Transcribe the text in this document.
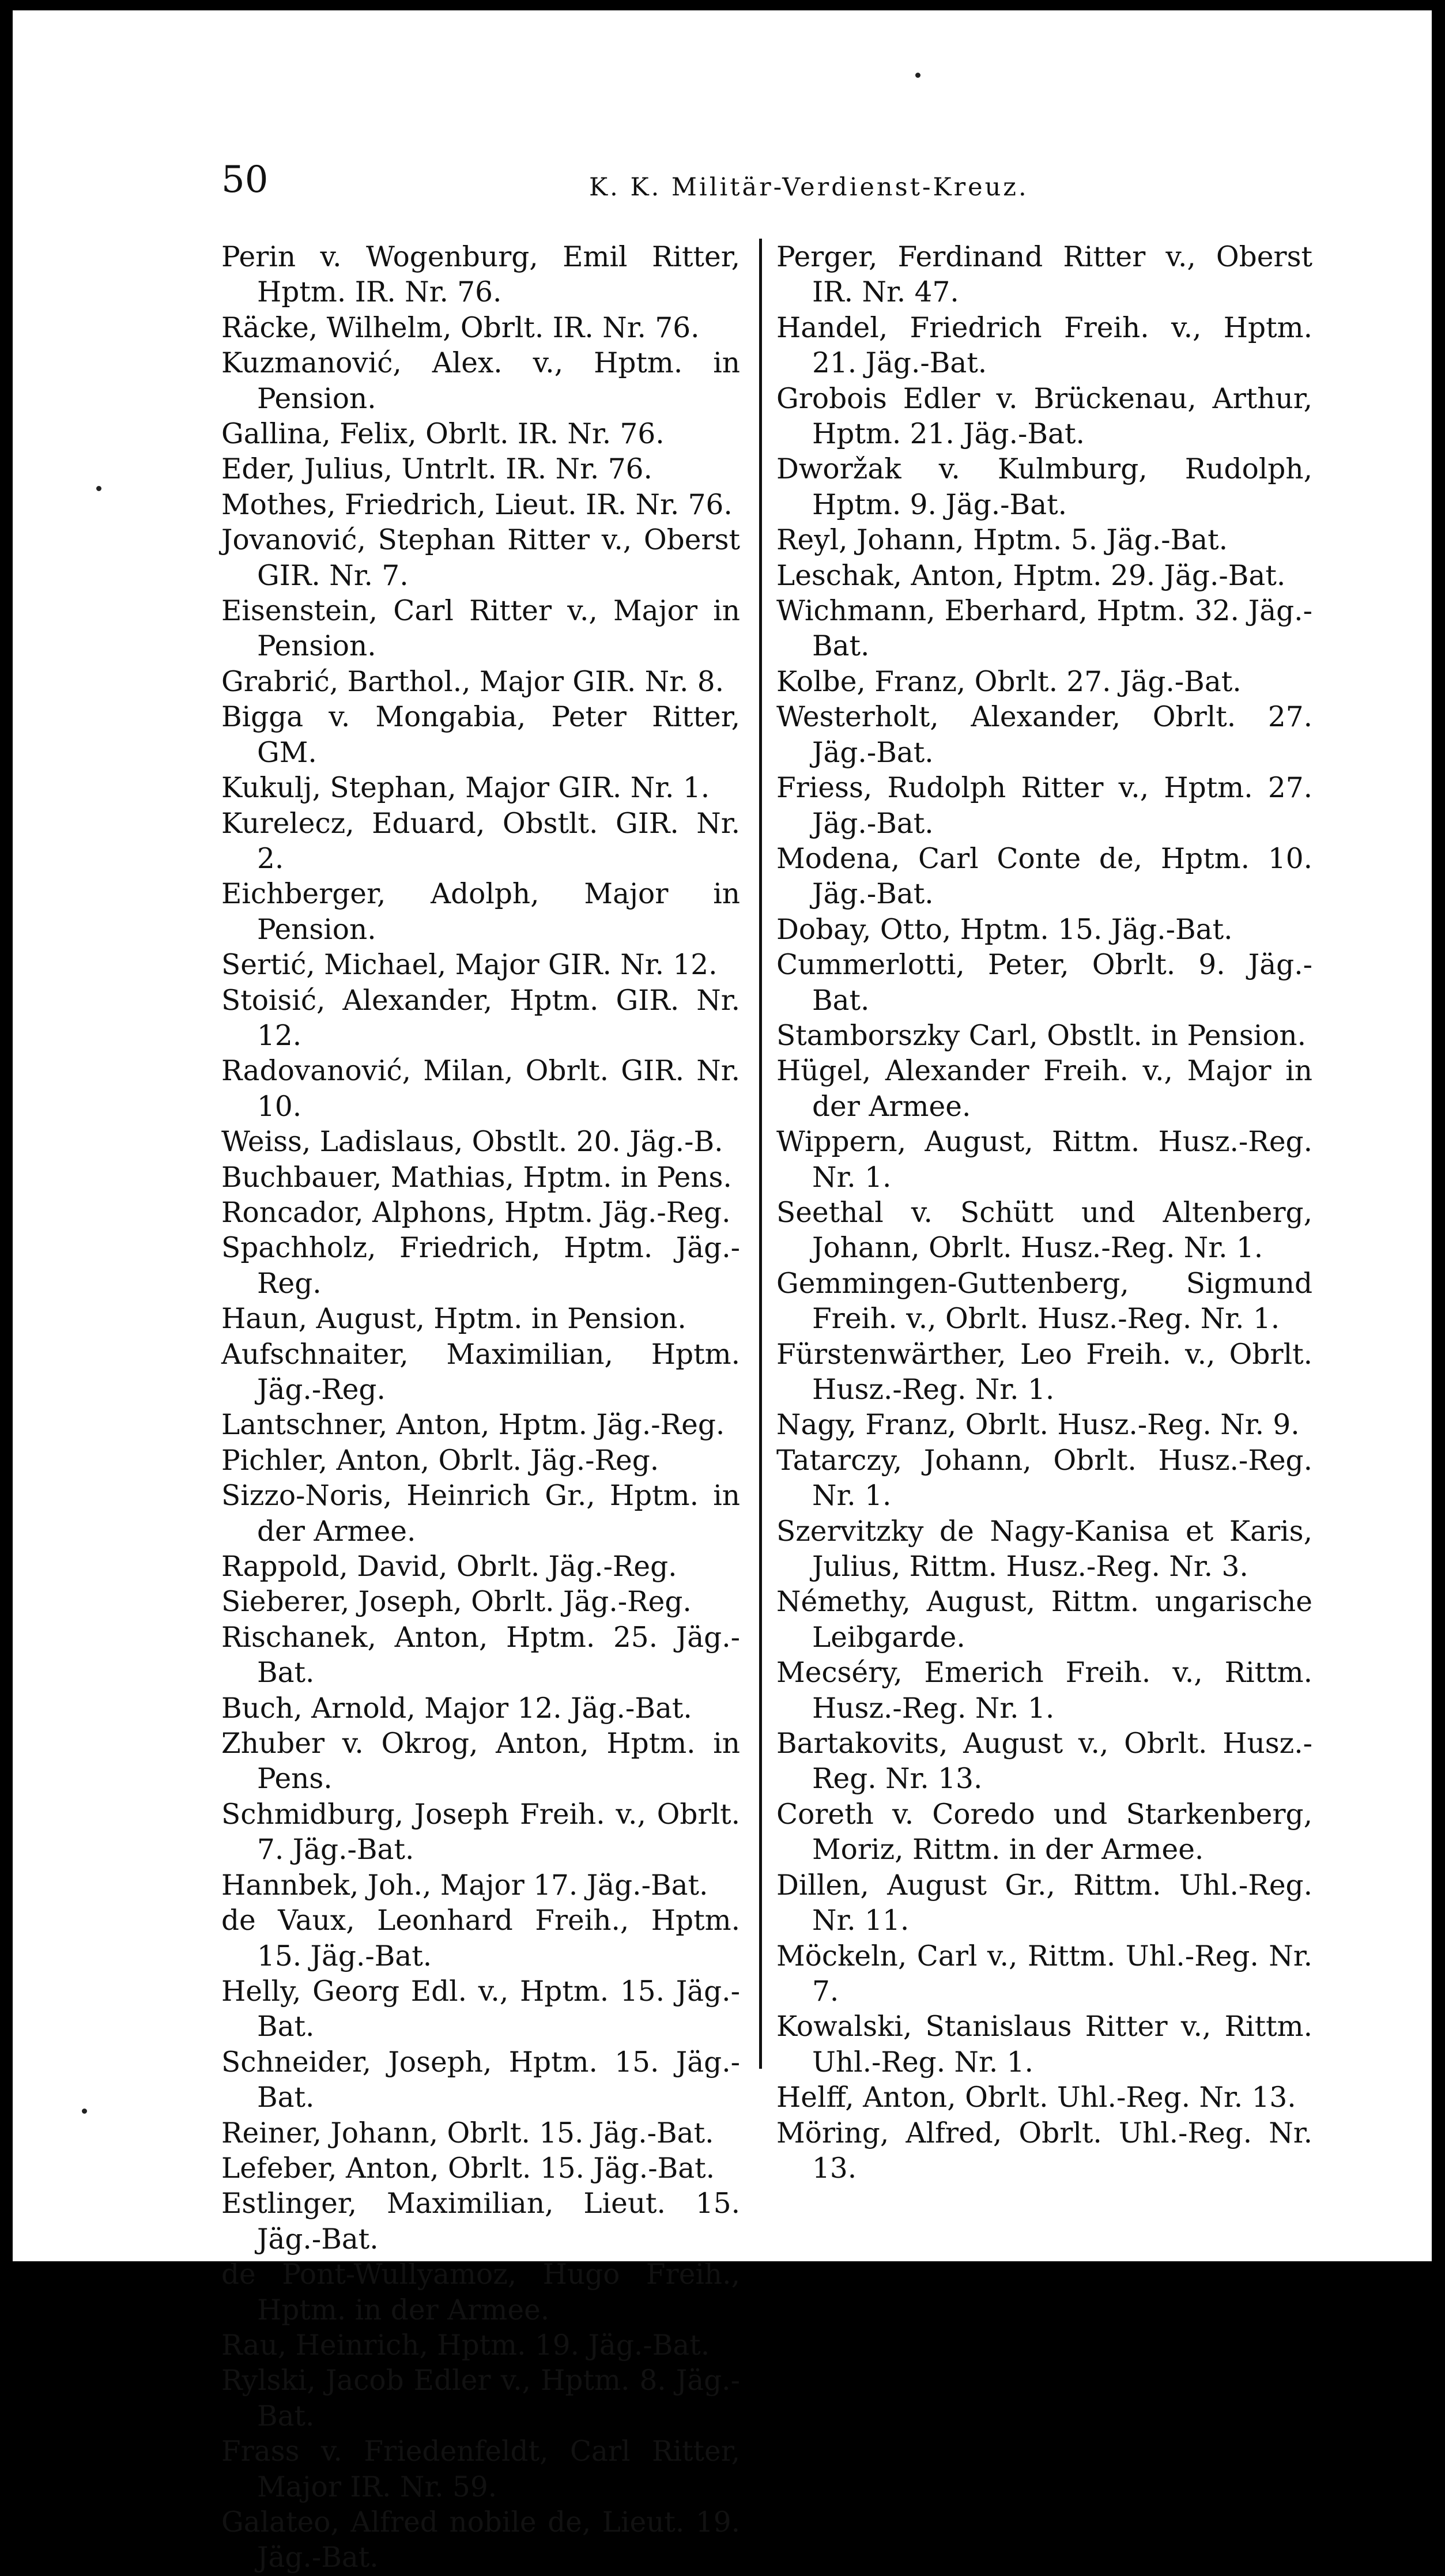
50	K. K. Militär-Verdienst-Kreuz.
Perin v. Wogenburg, Emil Ritter, Hptm. IR. Nr. 76.
Räcke, Wilhelm, Obrlt. IR. Nr. 76.
Kuzmanović, Alex. v., Hptm. in Pension.
Gallina, Felix, Obrlt. IR. Nr. 76.
Eder, Julius, Untrlt. IR. Nr. 76.
Mothes, Friedrich, Lieut. IR. Nr. 76.
Jovanović, Stephan Ritter v., Oberst GIR. Nr. 7.
Eisenstein, Carl Ritter v., Major in Pension.
Grabrić, Barthol., Major GIR. Nr. 8.
Bigga v. Mongabia, Peter Ritter, GM.
Kukulj, Stephan, Major GIR. Nr. 1.
Kurelecz, Eduard, Obstlt. GIR. Nr. 2.
Eichberger, Adolph, Major in Pension.
Sertić, Michael, Major GIR. Nr. 12.
Stoisić, Alexander, Hptm. GIR. Nr. 12.
Radovanović, Milan, Obrlt. GIR. Nr. 10.
Weiss, Ladislaus, Obstlt. 20. Jäg.-B.
Buchbauer, Mathias, Hptm. in Pens.
Roncador, Alphons, Hptm. Jäg.-Reg.
Spachholz, Friedrich, Hptm. Jäg.-Reg.
Haun, August, Hptm. in Pension.
Aufschnaiter, Maximilian, Hptm. Jäg.-Reg.
Lantschner, Anton, Hptm. Jäg.-Reg.
Pichler, Anton, Obrlt. Jäg.-Reg.
Sizzo-Noris, Heinrich Gr., Hptm. in der Armee.
Rappold, David, Obrlt. Jäg.-Reg.
Sieberer, Joseph, Obrlt. Jäg.-Reg.
Rischanek, Anton, Hptm. 25. Jäg.-Bat.
Buch, Arnold, Major 12. Jäg.-Bat.
Zhuber v. Okrog, Anton, Hptm. in Pens.
Schmidburg, Joseph Freih. v., Obrlt. 7. Jäg.-Bat.
Hannbek, Joh., Major 17. Jäg.-Bat.
de Vaux, Leonhard Freih., Hptm. 15. Jäg.-Bat.
Helly, Georg Edl. v., Hptm. 15. Jäg.-Bat.
Schneider, Joseph, Hptm. 15. Jäg.-Bat.
Reiner, Johann, Obrlt. 15. Jäg.-Bat.
Lefeber, Anton, Obrlt. 15. Jäg.-Bat.
Estlinger, Maximilian, Lieut. 15. Jäg.-Bat.
de Pont-Wullyamoz, Hugo Freih., Hptm. in der Armee.
Rau, Heinrich, Hptm. 19. Jäg.-Bat.
Rylski, Jacob Edler v., Hptm. 8. Jäg.-Bat.
Frass v. Friedenfeldt, Carl Ritter, Major IR. Nr. 59.
Galateo, Alfred nobile de, Lieut. 19. Jäg.-Bat.
Perger, Ferdinand Ritter v., Oberst IR. Nr. 47.
Handel, Friedrich Freih. v., Hptm. 21. Jäg.-Bat.
Grobois Edler v. Brückenau, Arthur, Hptm. 21. Jäg.-Bat.
Dworžak v. Kulmburg, Rudolph, Hptm. 9. Jäg.-Bat.
Reyl, Johann, Hptm. 5. Jäg.-Bat.
Leschak, Anton, Hptm. 29. Jäg.-Bat.
Wichmann, Eberhard, Hptm. 32. Jäg.-Bat.
Kolbe, Franz, Obrlt. 27. Jäg.-Bat.
Westerholt, Alexander, Obrlt. 27. Jäg.-Bat.
Friess, Rudolph Ritter v., Hptm. 27. Jäg.-Bat.
Modena, Carl Conte de, Hptm. 10. Jäg.-Bat.
Dobay, Otto, Hptm. 15. Jäg.-Bat.
Cummerlotti, Peter, Obrlt. 9. Jäg.-Bat.
Stamborszky Carl, Obstlt. in Pension.
Hügel, Alexander Freih. v., Major in der Armee.
Wippern, August, Rittm. Husz.-Reg. Nr. 1.
Seethal v. Schütt und Altenberg, Johann, Obrlt. Husz.-Reg. Nr. 1.
Gemmingen-Guttenberg, Sigmund Freih. v., Obrlt. Husz.-Reg. Nr. 1.
Fürstenwärther, Leo Freih. v., Obrlt. Husz.-Reg. Nr. 1.
Nagy, Franz, Obrlt. Husz.-Reg. Nr. 9.
Tatarczy, Johann, Obrlt. Husz.-Reg. Nr. 1.
Szervitzky de Nagy-Kanisa et Karis, Julius, Rittm. Husz.-Reg. Nr. 3.
Némethy, August, Rittm. ungarische Leibgarde.
Mecséry, Emerich Freih. v., Rittm. Husz.-Reg. Nr. 1.
Bartakovits, August v., Obrlt. Husz.-Reg. Nr. 13.
Coreth v. Coredo und Starkenberg, Moriz, Rittm. in der Armee.
Dillen, August Gr., Rittm. Uhl.-Reg. Nr. 11.
Möckeln, Carl v., Rittm. Uhl.-Reg. Nr. 7.
Kowalski, Stanislaus Ritter v., Rittm. Uhl.-Reg. Nr. 1.
Helff, Anton, Obrlt. Uhl.-Reg. Nr. 13.
Möring, Alfred, Obrlt. Uhl.-Reg. Nr. 13.
